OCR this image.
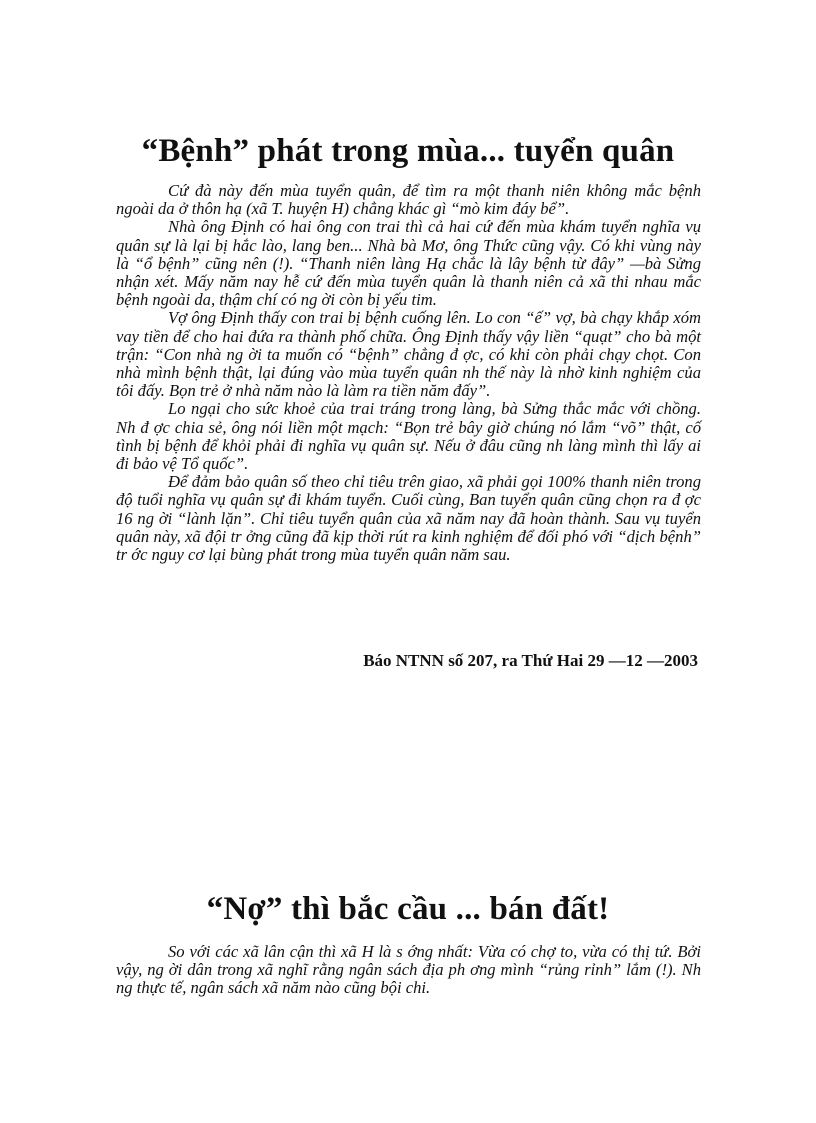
“Bệnh” phát trong mùa... tuyển quân

Cứ đà này đến mùa tuyển quân, để tìm ra một thanh niên không mắc bệnh ngoài da ở thôn hạ (xã T. huyện H) chẳng khác gì “mò kim đáy bể”.

Nhà ông Định có hai ông con trai thì cả hai cứ đến mùa khám tuyển nghĩa vụ quân sự là lại bị hắc lào, lang ben... Nhà bà Mơ, ông Thức cũng vậy. Có khi vùng này là “ổ bệnh” cũng nên (!). “Thanh niên làng Hạ chắc là lây bệnh từ đây” —bà Sửng nhận xét. Mấy năm nay hễ cứ đến mùa tuyển quân là thanh niên cả xã thi nhau mắc bệnh ngoài da, thậm chí có ng ời còn bị yếu tim.

Vợ ông Định thấy con trai bị bệnh cuống lên. Lo con “ế” vợ, bà chạy khắp xóm vay tiền để cho hai đứa ra thành phố chữa. Ông Định thấy vậy liền “quạt” cho bà một trận: “Con nhà ng ời ta muốn có “bệnh” chẳng đ ợc, có khi còn phải chạy chọt. Con nhà mình bệnh thật, lại đúng vào mùa tuyển quân nh thế này là nhờ kinh nghiệm của tôi đấy. Bọn trẻ ở nhà năm nào là làm ra tiền năm đấy”.

Lo ngại cho sức khoẻ của trai tráng trong làng, bà Sửng thắc mắc với chồng. Nh đ ợc chia sẻ, ông nói liền một mạch: “Bọn trẻ bây giờ chúng nó lắm “võ” thật, cố tình bị bệnh để khỏi phải đi nghĩa vụ quân sự. Nếu ở đâu cũng nh làng mình thì lấy ai đi bảo vệ Tổ quốc”.

Để đảm bảo quân số theo chỉ tiêu trên giao, xã phải gọi 100% thanh niên trong độ tuổi nghĩa vụ quân sự đi khám tuyển. Cuối cùng, Ban tuyển quân cũng chọn ra đ ợc 16 ng ời “lành lặn”. Chỉ tiêu tuyển quân của xã năm nay đã hoàn thành. Sau vụ tuyển quân này, xã đội tr ởng cũng đã kịp thời rút ra kinh nghiệm để đối phó với “dịch bệnh” tr ớc nguy cơ lại bùng phát trong mùa tuyển quân năm sau.

Báo NTNN số 207, ra Thứ Hai 29 —12 —2003
“Nợ” thì bắc cầu ... bán đất!

So với các xã lân cận thì xã H là s ớng nhất: Vừa có chợ to, vừa có thị tứ. Bởi vậy, ng ời dân trong xã nghĩ rằng ngân sách địa ph ơng mình “rủng rỉnh” lắm (!). Nh ng thực tế, ngân sách xã năm nào cũng bội chi.
